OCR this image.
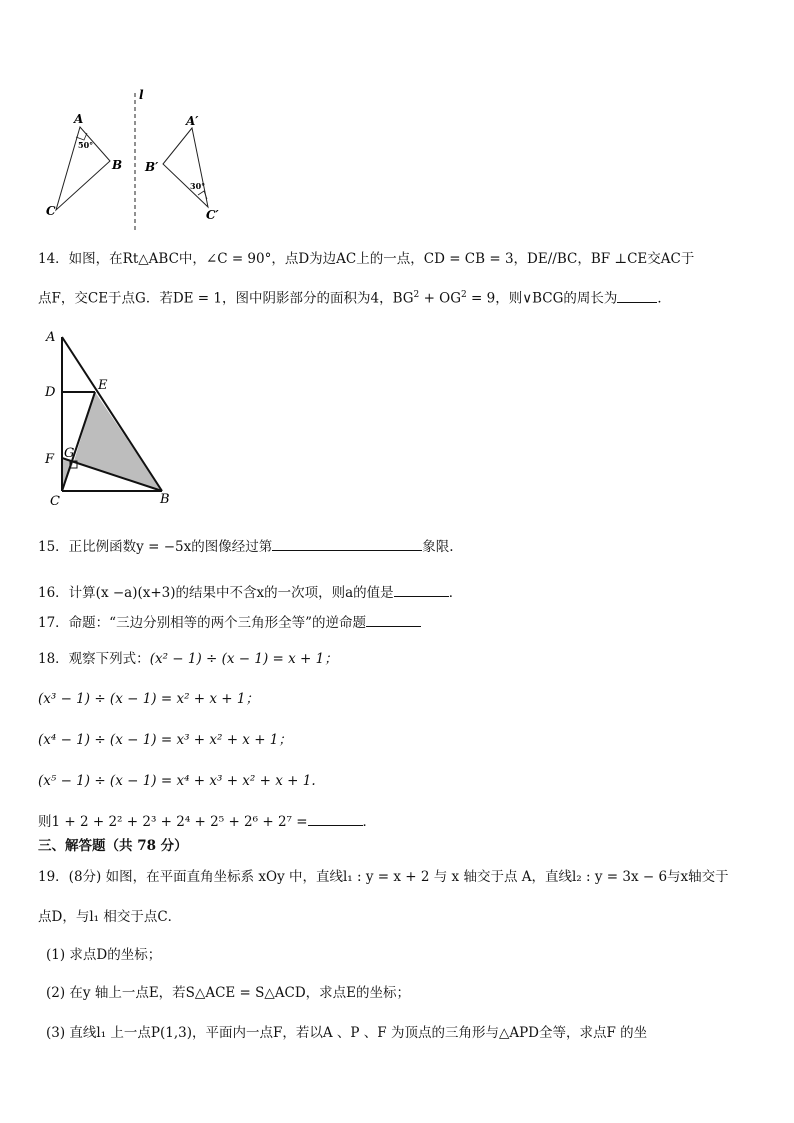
l
50°
A
B
C
30°
A′
B′
C′
14．如图，在Rt△ABC中，∠C = 90°，点D为边AC上的一点，CD = CB = 3，DE//BC，BF ⊥CE交AC于
点F，交CE于点G．若DE = 1，图中阴影部分的面积为4，$BG^2 + OG^2 = 9$，则∨BCG的周长为	．
A
D	E
F G
C	B
15．正比例函数y = −5x的图像经过第	象限.
16．计算(x −a)(x+3)的结果中不含x的一次项，则a的值是	．
17．命题：“三边分别相等的两个三角形全等”的逆命题
18．观察下列式：(x² − 1) ÷ (x − 1) = x + 1；
(x³ − 1) ÷ (x − 1) = x² + x + 1；
(x⁴ − 1) ÷ (x − 1) = x³ + x² + x + 1；
(x⁵ − 1) ÷ (x − 1) = x⁴ + x³ + x² + x + 1.
则1 + 2 + 2² + 2³ + 2⁴ + 2⁵ + 2⁶ + 2⁷ =	．
三、解答题（共 78 分）
19．(8分) 如图，在平面直角坐标系 xOy 中，直线l₁ : y = x + 2 与 x 轴交于点 A，直线l₂ : y = 3x − 6与x轴交于
点D，与l₁ 相交于点C．
(1) 求点D的坐标；
(2) 在y 轴上一点E，若S△ACE = S△ACD，求点E的坐标；
(3) 直线l₁ 上一点P(1,3)，平面内一点F，若以A 、P 、F 为顶点的三角形与△APD全等，求点F 的坐
